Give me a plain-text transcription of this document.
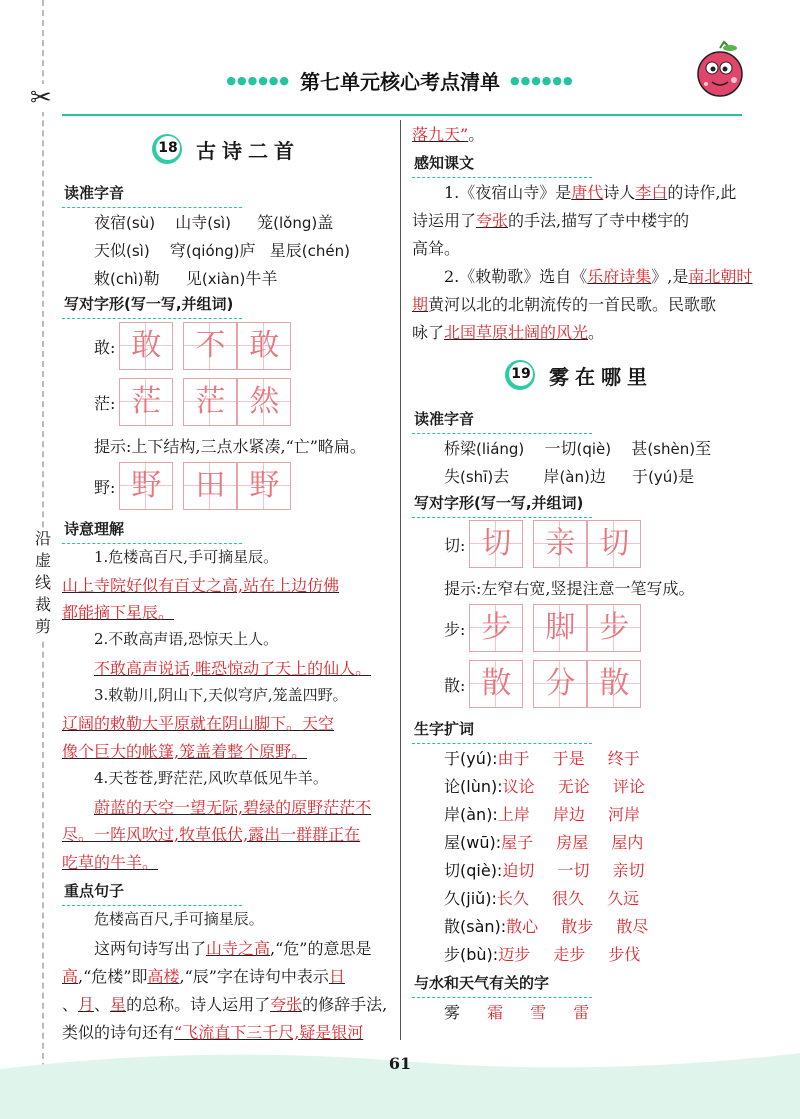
✂
沿虚线裁剪
●●●●●● 第七单元核心考点清单 ●●●●●●
18 古诗二首
读准字音
夜宿(sù) 山寺(sì) 笼(lǒng)盖
天似(sì) 穹(qióng)庐 星辰(chén)
敕(chì)勒 见(xiàn)牛羊
写对字形(写一写,并组词)
敢: 敢	不 敢
茫: 茫	茫 然
提示:上下结构,三点水紧凑,“亡”略扁。
野: 野	田 野
诗意理解
1.危楼高百尺,手可摘星辰。
山上寺院好似有百丈之高,站在上边仿佛
都能摘下星辰。
2.不敢高声语,恐惊天上人。
不敢高声说话,唯恐惊动了天上的仙人。
3.敕勒川,阴山下,天似穹庐,笼盖四野。
辽阔的敕勒大平原就在阴山脚下。天空
像个巨大的帐篷,笼盖着整个原野。
4.天苍苍,野茫茫,风吹草低见牛羊。
蔚蓝的天空一望无际,碧绿的原野茫茫不
尽。一阵风吹过,牧草低伏,露出一群群正在
吃草的牛羊。
重点句子
危楼高百尺,手可摘星辰。
这两句诗写出了山寺之高,“危”的意思是
高,“危楼”即高楼,“辰”字在诗句中表示日
、月、星的总称。诗人运用了夸张的修辞手法,
类似的诗句还有“飞流直下三千尺,疑是银河
落九天”。
感知课文
1.《夜宿山寺》是唐代诗人李白的诗作,此
诗运用了夸张的手法,描写了寺中楼宇的
高耸。
2.《敕勒歌》选自《乐府诗集》,是南北朝时
期黄河以北的北朝流传的一首民歌。民歌歌
咏了北国草原壮阔的风光。
19 雾在哪里
读准字音
桥梁(liáng) 一切(qiè) 甚(shèn)至
失(shī)去 岸(àn)边 于(yú)是
写对字形(写一写,并组词)
切: 切	亲 切
提示:左窄右宽,竖提注意一笔写成。
步: 步	脚 步
散: 散	分 散
生字扩词
于(yú):由于 于是 终于
论(lùn):议论 无论 评论
岸(àn):上岸 岸边 河岸
屋(wū):屋子 房屋 屋内
切(qiè):迫切 一切 亲切
久(jiǔ):长久 很久 久远
散(sàn):散心 散步 散尽
步(bù):迈步 走步 步伐
与水和天气有关的字
雾 霜 雪 雷
61
